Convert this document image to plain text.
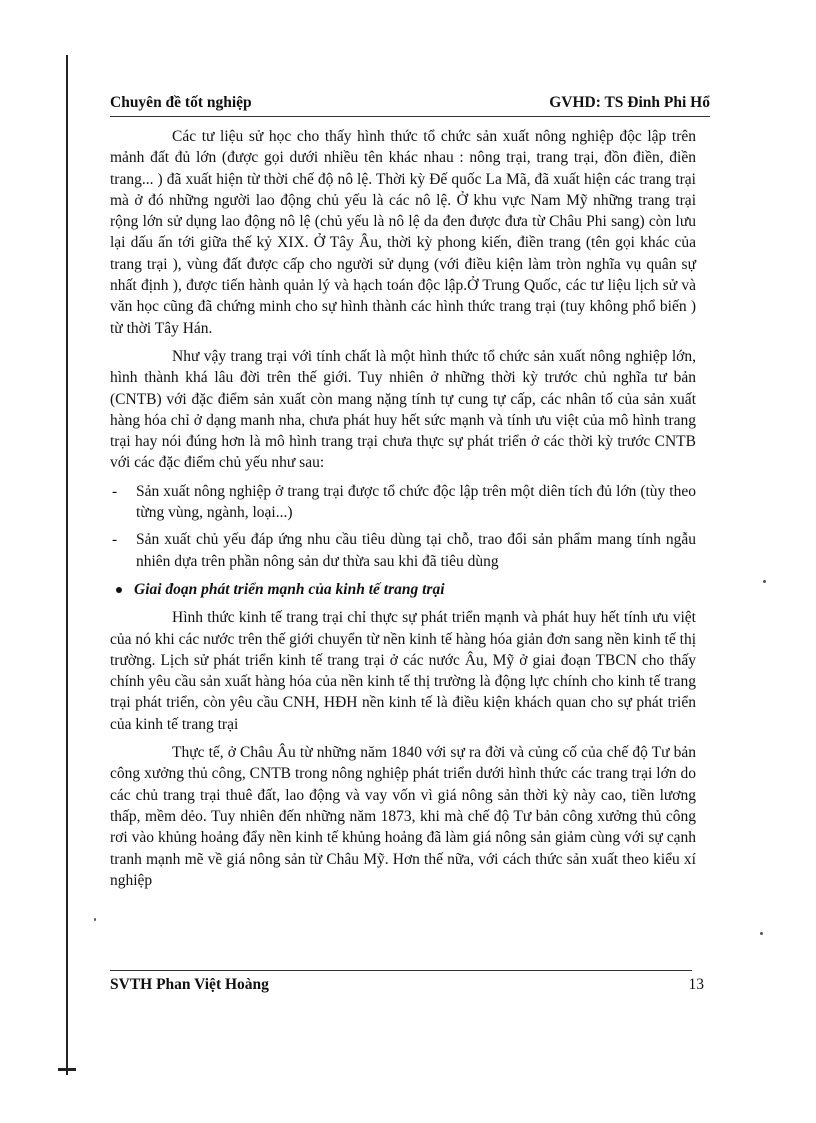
Chuyên đề tốt nghiệp	GVHD: TS Đinh Phi Hổ

Các tư liệu sử học cho thấy hình thức tổ chức sản xuất nông nghiệp độc lập trên mảnh đất đủ lớn (được gọi dưới nhiều tên khác nhau : nông trại, trang trại, đồn điền, điền trang... ) đã xuất hiện từ thời chế độ nô lệ. Thời kỳ Đế quốc La Mã, đã xuất hiện các trang trại mà ở đó những người lao động chủ yếu là các nô lệ. Ở khu vực Nam Mỹ những trang trại rộng lớn sử dụng lao động nô lệ (chủ yếu là nô lệ da đen được đưa từ Châu Phi sang) còn lưu lại dấu ấn tới giữa thế kỷ XIX. Ở Tây Âu, thời kỳ phong kiến, điền trang (tên gọi khác của trang trại ), vùng đất được cấp cho người sử dụng (với điều kiện làm tròn nghĩa vụ quân sự nhất định ), được tiến hành quản lý và hạch toán độc lập.Ở Trung Quốc, các tư liệu lịch sử và văn học cũng đã chứng minh cho sự hình thành các hình thức trang trại (tuy không phổ biến ) từ thời Tây Hán.

Như vậy trang trại với tính chất là một hình thức tổ chức sản xuất nông nghiệp lớn, hình thành khá lâu đời trên thế giới. Tuy nhiên ở những thời kỳ trước chủ nghĩa tư bản (CNTB) với đặc điểm sản xuất còn mang nặng tính tự cung tự cấp, các nhân tố của sản xuất hàng hóa chỉ ở dạng manh nha, chưa phát huy hết sức mạnh và tính ưu việt của mô hình trang trại hay nói đúng hơn là mô hình trang trại chưa thực sự phát triển ở các thời kỳ trước CNTB với các đặc điểm chủ yếu như sau:

- Sản xuất nông nghiệp ở trang trại được tổ chức độc lập trên một diên tích đủ lớn (tùy theo từng vùng, ngành, loại...)
- Sản xuất chủ yếu đáp ứng nhu cầu tiêu dùng tại chỗ, trao đổi sản phẩm mang tính ngẫu nhiên dựa trên phần nông sản dư thừa sau khi đã tiêu dùng
Giai đoạn phát triển mạnh của kinh tế trang trại

Hình thức kinh tế trang trại chỉ thực sự phát triển mạnh và phát huy hết tính ưu việt của nó khi các nước trên thế giới chuyển từ nền kinh tế hàng hóa giản đơn sang nền kinh tế thị trường. Lịch sử phát triển kinh tế trang trại ở các nước Âu, Mỹ ở giai đoạn TBCN cho thấy chính yêu cầu sản xuất hàng hóa của nền kinh tế thị trường là động lực chính cho kinh tế trang trại phát triển, còn yêu cầu CNH, HĐH nền kinh tế là điều kiện khách quan cho sự phát triển của kinh tế trang trại

Thực tế, ở Châu Âu từ những năm 1840 với sự ra đời và củng cố của chế độ Tư bản công xưởng thủ công, CNTB trong nông nghiệp phát triển dưới hình thức các trang trại lớn do các chủ trang trại thuê đất, lao động và vay vốn vì giá nông sản thời kỳ này cao, tiền lương thấp, mềm dẻo. Tuy nhiên đến những năm 1873, khi mà chế độ Tư bản công xưởng thủ công rơi vào khủng hoảng đẩy nền kinh tế khủng hoảng đã làm giá nông sản giảm cùng với sự cạnh tranh mạnh mẽ về giá nông sản từ Châu Mỹ. Hơn thế nữa, với cách thức sản xuất theo kiểu xí nghiệp

SVTH Phan Việt Hoàng	13
